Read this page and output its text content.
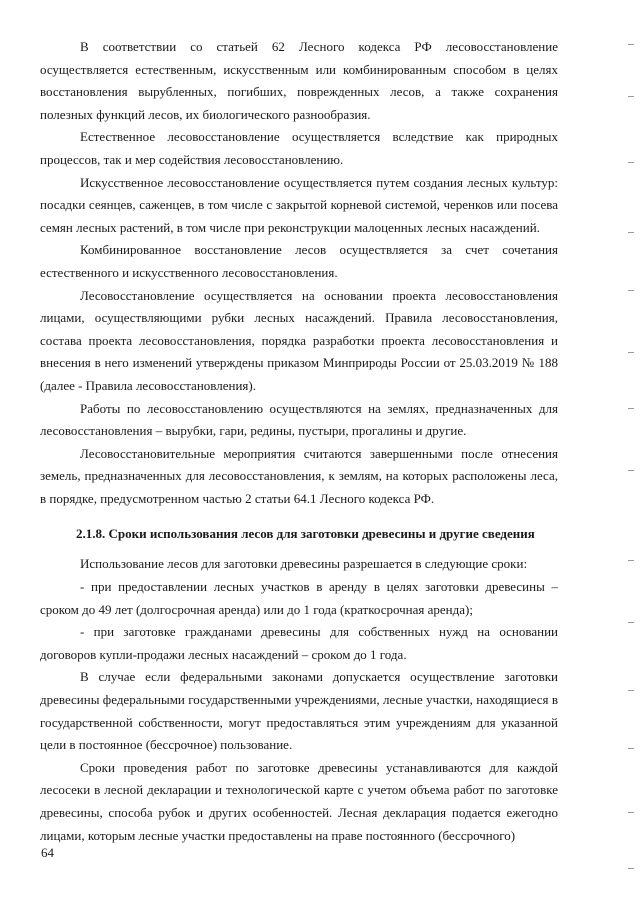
В соответствии со статьей 62 Лесного кодекса РФ лесовосстановление осуществляется естественным, искусственным или комбинированным способом в целях восстановления вырубленных, погибших, поврежденных лесов, а также сохранения полезных функций лесов, их биологического разнообразия.

Естественное лесовосстановление осуществляется вследствие как природных процессов, так и мер содействия лесовосстановлению.

Искусственное лесовосстановление осуществляется путем создания лесных культур: посадки сеянцев, саженцев, в том числе с закрытой корневой системой, черенков или посева семян лесных растений, в том числе при реконструкции малоценных лесных насаждений.

Комбинированное восстановление лесов осуществляется за счет сочетания естественного и искусственного лесовосстановления.

Лесовосстановление осуществляется на основании проекта лесовосстановления лицами, осуществляющими рубки лесных насаждений. Правила лесовосстановления, состава проекта лесовосстановления, порядка разработки проекта лесовосстановления и внесения в него изменений утверждены приказом Минприроды России от 25.03.2019 № 188 (далее - Правила лесовосстановления).

Работы по лесовосстановлению осуществляются на землях, предназначенных для лесовосстановления – вырубки, гари, редины, пустыри, прогалины и другие.

Лесовосстановительные мероприятия считаются завершенными после отнесения земель, предназначенных для лесовосстановления, к землям, на которых расположены леса, в порядке, предусмотренном частью 2 статьи 64.1 Лесного кодекса РФ.

2.1.8. Сроки использования лесов для заготовки древесины и другие сведения

Использование лесов для заготовки древесины разрешается в следующие сроки:

- при предоставлении лесных участков в аренду в целях заготовки древесины – сроком до 49 лет (долгосрочная аренда) или до 1 года (краткосрочная аренда);

- при заготовке гражданами древесины для собственных нужд на основании договоров купли-продажи лесных насаждений – сроком до 1 года.

В случае если федеральными законами допускается осуществление заготовки древесины федеральными государственными учреждениями, лесные участки, находящиеся в государственной собственности, могут предоставляться этим учреждениям для указанной цели в постоянное (бессрочное) пользование.

Сроки проведения работ по заготовке древесины устанавливаются для каждой лесосеки в лесной декларации и технологической карте с учетом объема работ по заготовке древесины, способа рубок и других особенностей. Лесная декларация подается ежегодно лицами, которым лесные участки предоставлены на праве постоянного (бессрочного)

64
